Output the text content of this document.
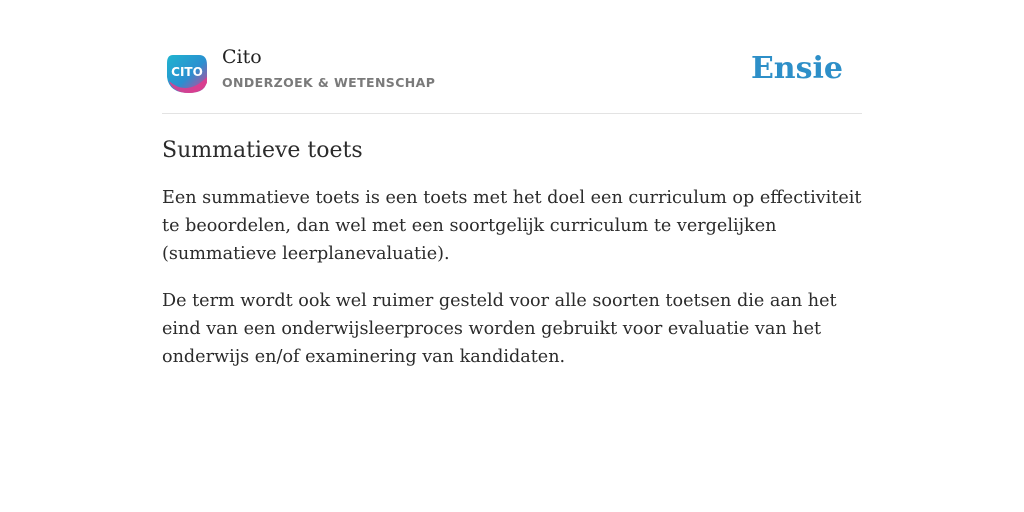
CITO
Cito
ONDERZOEK & WETENSCHAP	Ensie
Summatieve toets

Een summatieve toets is een toets met het doel een curriculum op effectiviteit te beoordelen, dan wel met een soortgelijk curriculum te vergelijken (summatieve leerplanevaluatie).

De term wordt ook wel ruimer gesteld voor alle soorten toetsen die aan het eind van een onderwijsleerproces worden gebruikt voor evaluatie van het onderwijs en/of examinering van kandidaten.
